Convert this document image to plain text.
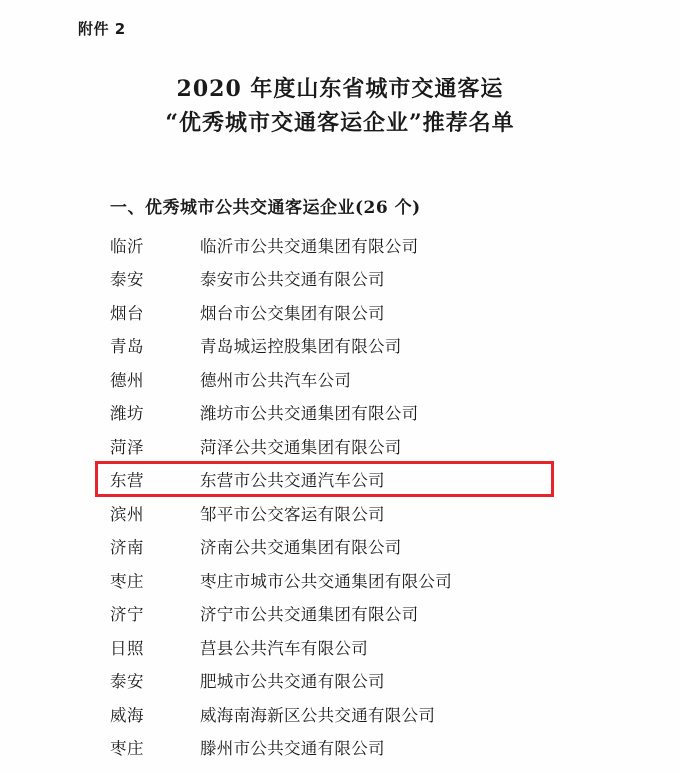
附件 2
2020 年度山东省城市交通客运
“优秀城市交通客运企业”推荐名单
一、优秀城市公共交通客运企业(26 个)
临沂	临沂市公共交通集团有限公司
泰安	泰安市公共交通有限公司
烟台	烟台市公交集团有限公司
青岛	青岛城运控股集团有限公司
德州	德州市公共汽车公司
潍坊	潍坊市公共交通集团有限公司
菏泽	菏泽公共交通集团有限公司
东营	东营市公共交通汽车公司
滨州	邹平市公交客运有限公司
济南	济南公共交通集团有限公司
枣庄	枣庄市城市公共交通集团有限公司
济宁	济宁市公共交通集团有限公司
日照	莒县公共汽车有限公司
泰安	肥城市公共交通有限公司
威海	威海南海新区公共交通有限公司
枣庄	滕州市公共交通有限公司
